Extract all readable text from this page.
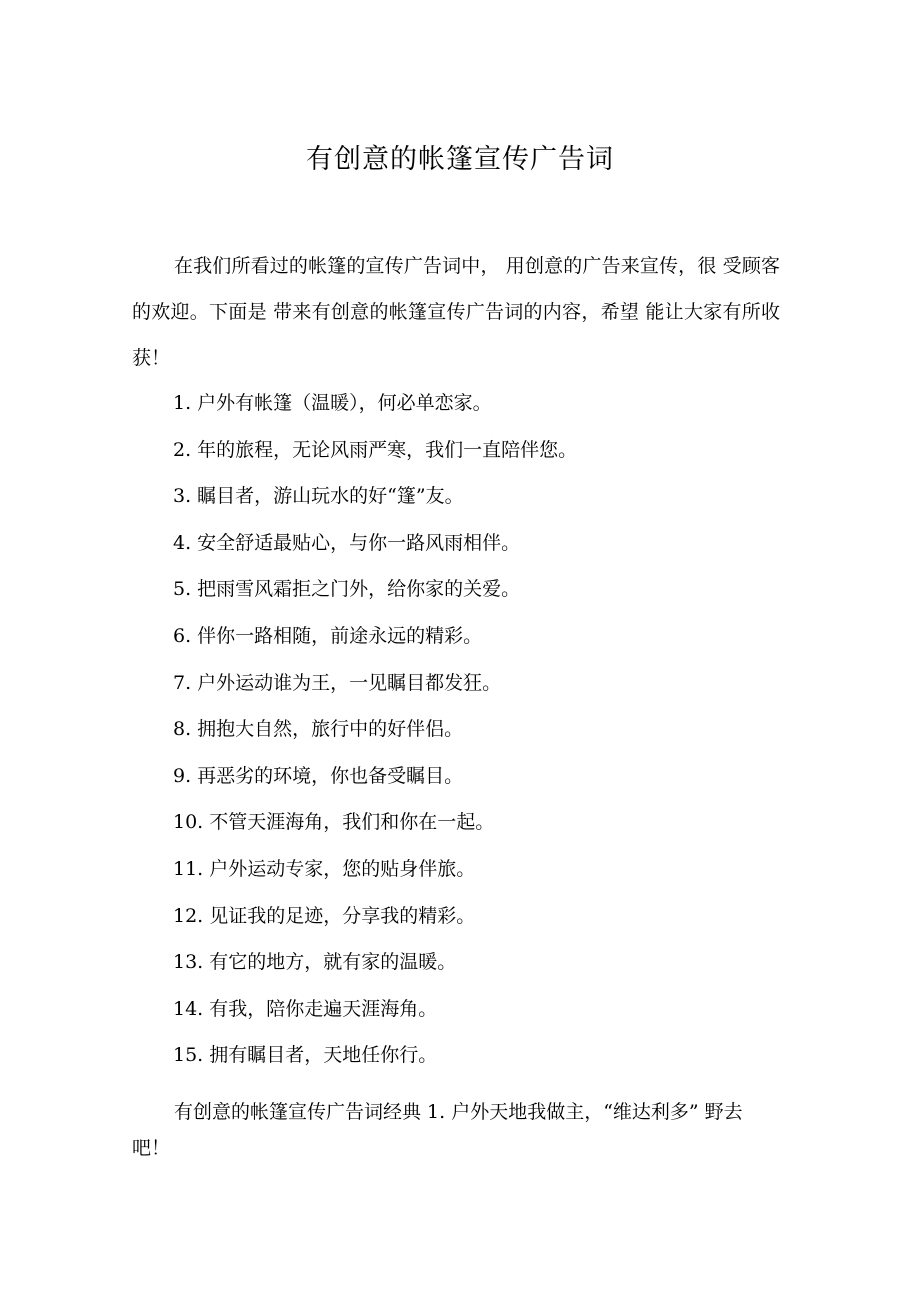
有创意的帐篷宣传广告词

在我们所看过的帐篷的宣传广告词中， 用创意的广告来宣传，很 受顾客的欢迎。下面是 带来有创意的帐篷宣传广告词的内容，希望 能让大家有所收获！

1. 户外有帐篷（温暖），何必单恋家。
2. 年的旅程，无论风雨严寒，我们一直陪伴您。
3. 瞩目者，游山玩水的好“篷”友。
4. 安全舒适最贴心，与你一路风雨相伴。
5. 把雨雪风霜拒之门外，给你家的关爱。
6. 伴你一路相随，前途永远的精彩。
7. 户外运动谁为王，一见瞩目都发狂。
8. 拥抱大自然，旅行中的好伴侣。
9. 再恶劣的环境，你也备受瞩目。
10. 不管天涯海角，我们和你在一起。
11. 户外运动专家，您的贴身伴旅。
12. 见证我的足迹，分享我的精彩。
13. 有它的地方，就有家的温暖。
14. 有我，陪你走遍天涯海角。
15. 拥有瞩目者，天地任你行。

有创意的帐篷宣传广告词经典 1. 户外天地我做主，“维达利多” 野去吧！
